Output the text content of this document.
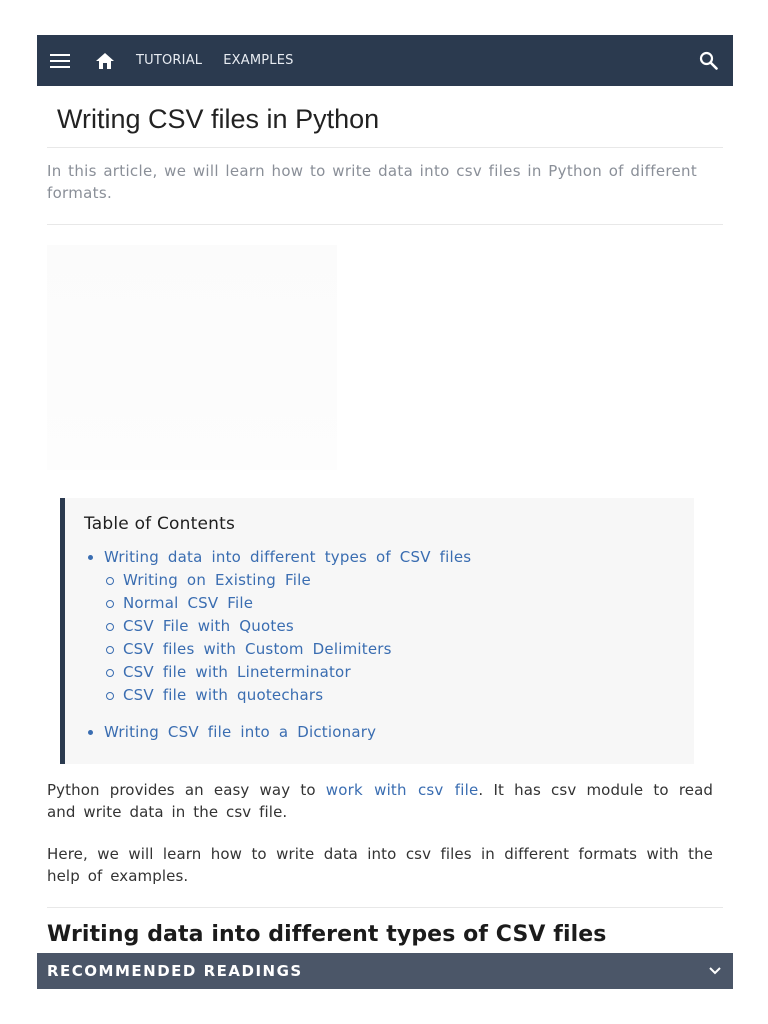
TUTORIAL EXAMPLES
Writing CSV files in Python

In this article, we will learn how to write data into csv files in Python of different formats.

Table of Contents
Writing data into different types of CSV files
Writing on Existing File
Normal CSV File
CSV File with Quotes
CSV files with Custom Delimiters
CSV file with Lineterminator
CSV file with quotechars
Writing CSV file into a Dictionary

Python provides an easy way to work with csv file. It has csv module to read and write data in the csv file.

Here, we will learn how to write data into csv files in different formats with the help of examples.

Writing data into different types of CSV files
RECOMMENDED READINGS
